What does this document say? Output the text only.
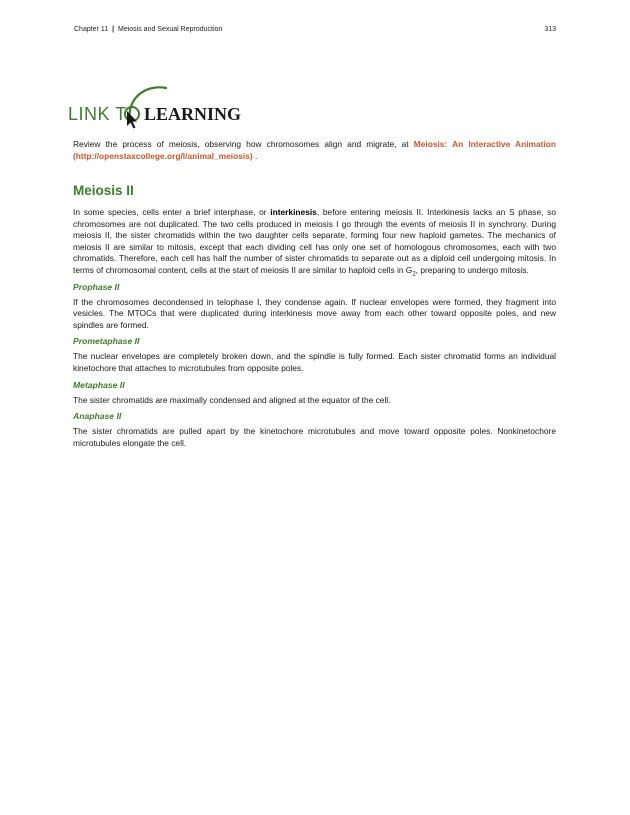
Chapter 11 | Meiosis and Sexual Reproduction	313
LINK T LEARNING

Review the process of meiosis, observing how chromosomes align and migrate, at Meiosis: An Interactive Animation (http://openstaxcollege.org/l/animal_meiosis) .

Meiosis II

In some species, cells enter a brief interphase, or interkinesis, before entering meiosis II. Interkinesis lacks an S phase, so chromosomes are not duplicated. The two cells produced in meiosis I go through the events of meiosis II in synchrony. During meiosis II, the sister chromatids within the two daughter cells separate, forming four new haploid gametes. The mechanics of meiosis II are similar to mitosis, except that each dividing cell has only one set of homologous chromosomes, each with two chromatids. Therefore, each cell has half the number of sister chromatids to separate out as a diploid cell undergoing mitosis. In terms of chromosomal content, cells at the start of meiosis II are similar to haploid cells in $G_2$, preparing to undergo mitosis.

Prophase II

If the chromosomes decondensed in telophase I, they condense again. If nuclear envelopes were formed, they fragment into vesicles. The MTOCs that were duplicated during interkinesis move away from each other toward opposite poles, and new spindles are formed.

Prometaphase II

The nuclear envelopes are completely broken down, and the spindle is fully formed. Each sister chromatid forms an individual kinetochore that attaches to microtubules from opposite poles.

Metaphase II

The sister chromatids are maximally condensed and aligned at the equator of the cell.

Anaphase II

The sister chromatids are pulled apart by the kinetochore microtubules and move toward opposite poles. Nonkinetochore microtubules elongate the cell.
